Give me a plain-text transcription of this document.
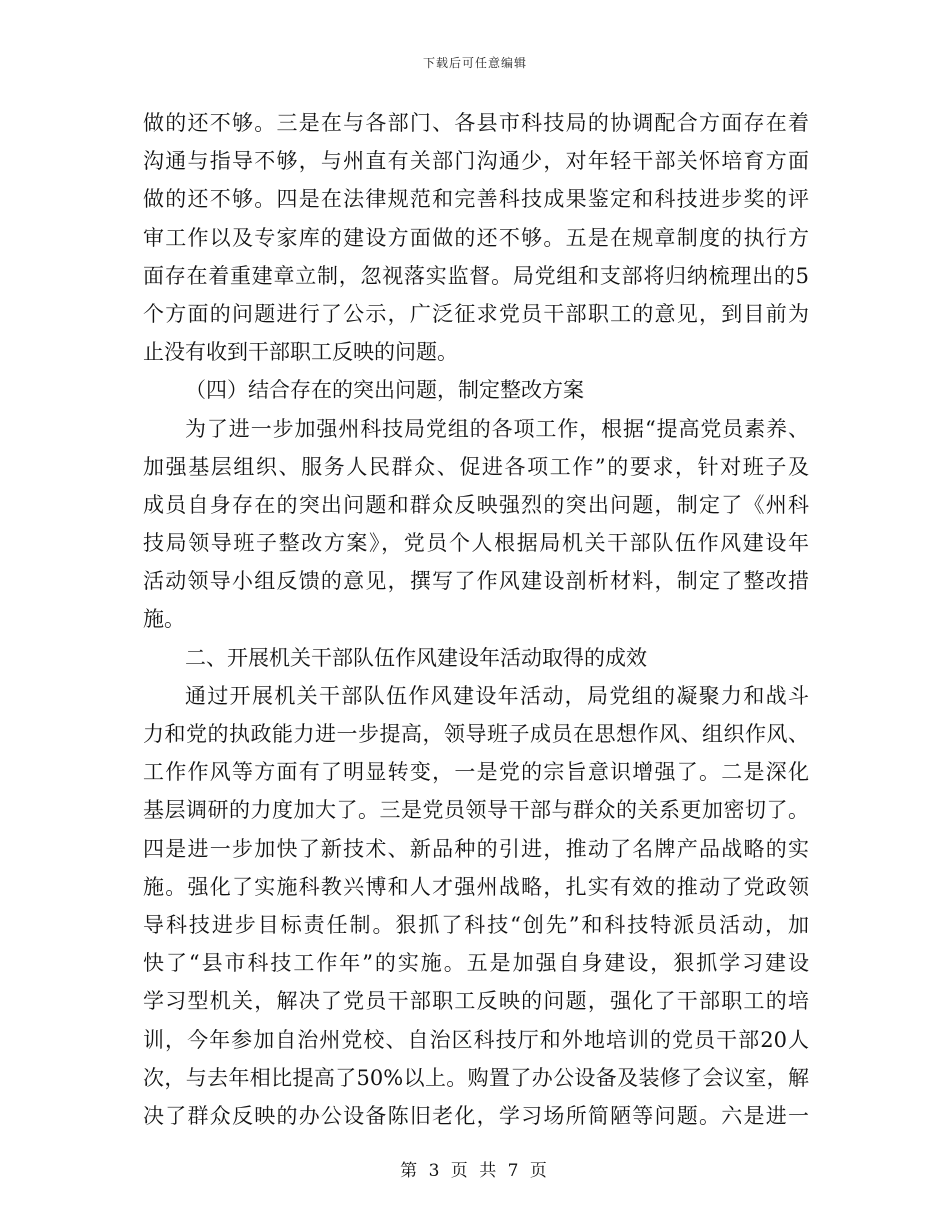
下载后可任意编辑
做的还不够。三是在与各部门、各县市科技局的协调配合方面存在着
沟通与指导不够，与州直有关部门沟通少，对年轻干部关怀培育方面
做的还不够。四是在法律规范和完善科技成果鉴定和科技进步奖的评
审工作以及专家库的建设方面做的还不够。五是在规章制度的执行方
面存在着重建章立制，忽视落实监督。局党组和支部将归纳梳理出的5
个方面的问题进行了公示，广泛征求党员干部职工的意见，到目前为
止没有收到干部职工反映的问题。
（四）结合存在的突出问题，制定整改方案
为了进一步加强州科技局党组的各项工作，根据“提高党员素养、
加强基层组织、服务人民群众、促进各项工作”的要求，针对班子及
成员自身存在的突出问题和群众反映强烈的突出问题，制定了《州科
技局领导班子整改方案》，党员个人根据局机关干部队伍作风建设年
活动领导小组反馈的意见，撰写了作风建设剖析材料，制定了整改措
施。
二、开展机关干部队伍作风建设年活动取得的成效
通过开展机关干部队伍作风建设年活动，局党组的凝聚力和战斗
力和党的执政能力进一步提高，领导班子成员在思想作风、组织作风、
工作作风等方面有了明显转变，一是党的宗旨意识增强了。二是深化
基层调研的力度加大了。三是党员领导干部与群众的关系更加密切了。
四是进一步加快了新技术、新品种的引进，推动了名牌产品战略的实
施。强化了实施科教兴博和人才强州战略，扎实有效的推动了党政领
导科技进步目标责任制。狠抓了科技“创先”和科技特派员活动，加
快了“县市科技工作年”的实施。五是加强自身建设，狠抓学习建设
学习型机关，解决了党员干部职工反映的问题，强化了干部职工的培
训，今年参加自治州党校、自治区科技厅和外地培训的党员干部20人
次，与去年相比提高了50%以上。购置了办公设备及装修了会议室，解
决了群众反映的办公设备陈旧老化，学习场所简陋等问题。六是进一
第 3 页 共 7 页
